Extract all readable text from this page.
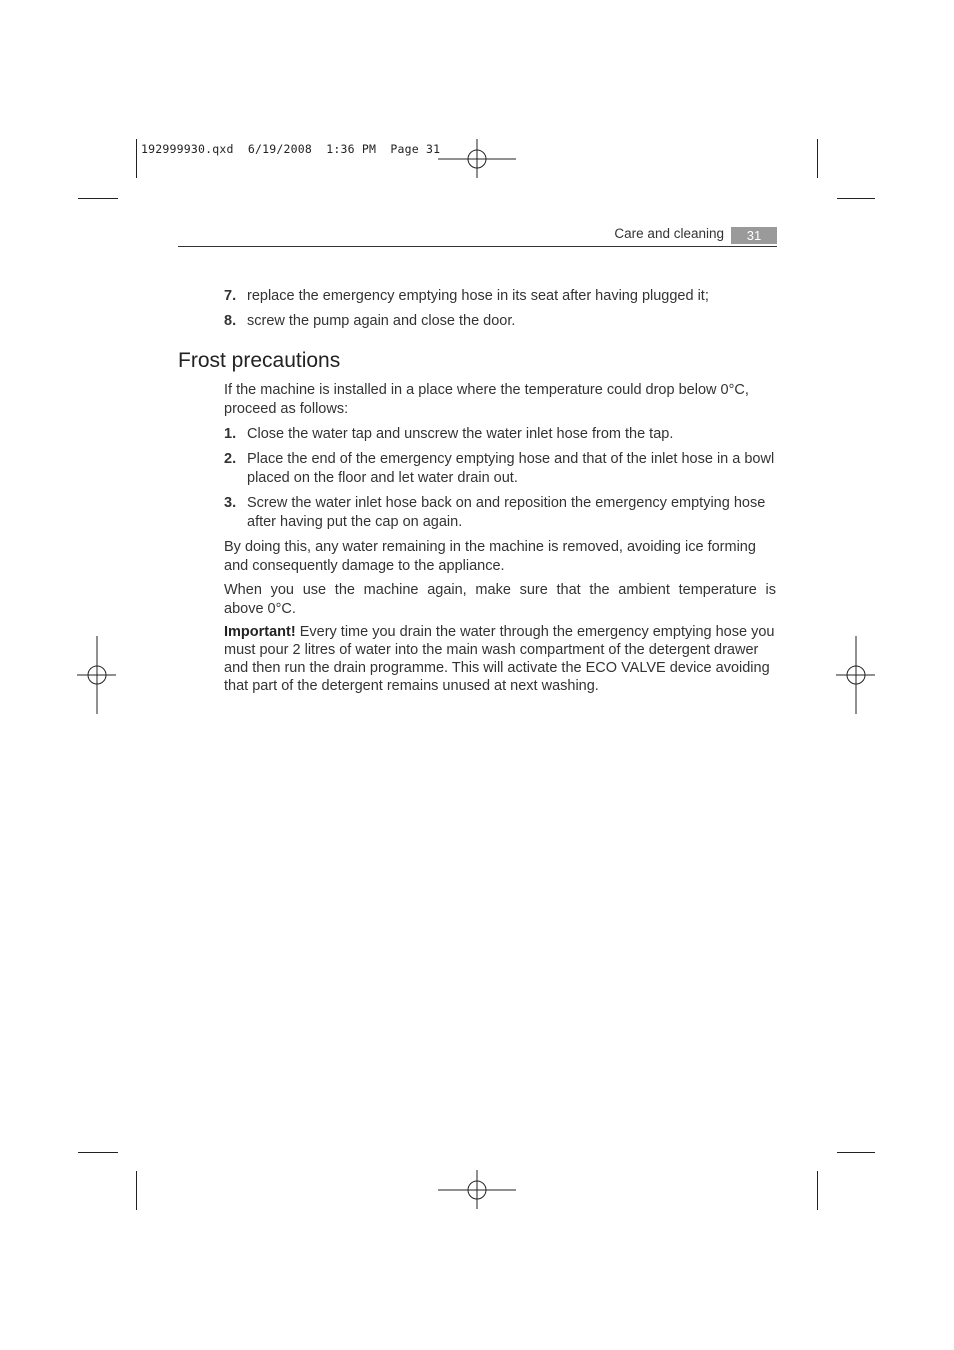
192999930.qxd  6/19/2008  1:36 PM  Page 31
Care and cleaning	31
7. replace the emergency emptying hose in its seat after having plugged it;
8. screw the pump again and close the door.
Frost precautions
If the machine is installed in a place where the temperature could drop below 0°C, proceed as follows:
1. Close the water tap and unscrew the water inlet hose from the tap.
2. Place the end of the emergency emptying hose and that of the inlet hose in a bowl placed on the floor and let water drain out.
3. Screw the water inlet hose back on and reposition the emergency emptying hose after having put the cap on again.
By doing this, any water remaining in the machine is removed, avoiding ice forming and consequently damage to the appliance.
When you use the machine again, make sure that the ambient temperature is
above 0°C.
Important! Every time you drain the water through the emergency emptying hose you must pour 2 litres of water into the main wash compartment of the detergent drawer and then run the drain programme. This will activate the ECO VALVE device avoiding that part of the detergent remains unused at next washing.
